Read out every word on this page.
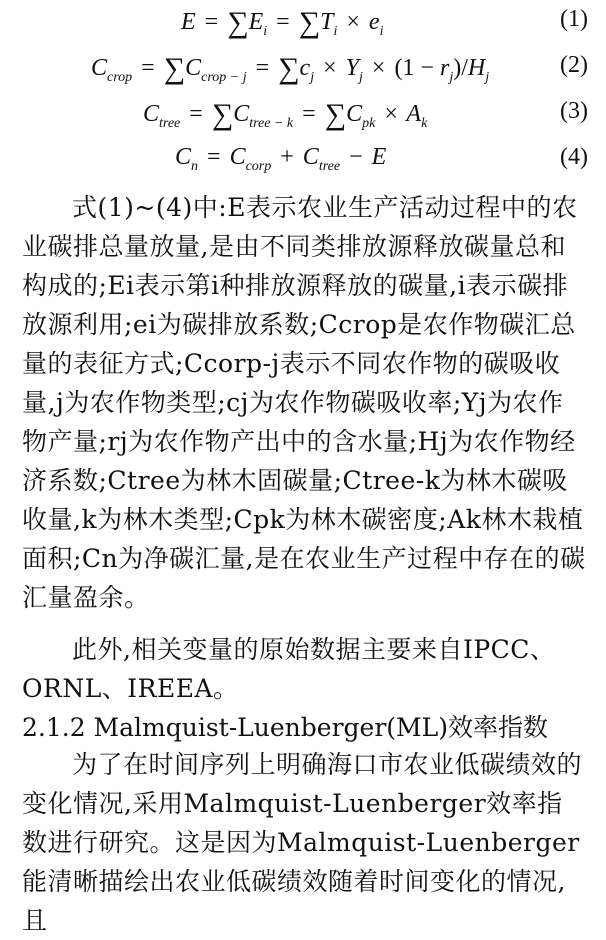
$E = \sum E_i = \sum T_i \times e_i$	(1)
$C_{crop} = \sum C_{crop - j} = \sum c_j \times Y_j \times (1 - r_j)/H_j$	(2)
$C_{tree} = \sum C_{tree - k} = \sum C_{pk} \times A_k$	(3)
$C_n = C_{corp} + C_{tree} - E$	(4)

式(1)~(4)中:E表示农业生产活动过程中的农业碳排总量放量,是由不同类排放源释放碳量总和构成的;Ei表示第i种排放源释放的碳量,i表示碳排放源利用;ei为碳排放系数;Ccrop是农作物碳汇总量的表征方式;Ccorp-j表示不同农作物的碳吸收量,j为农作物类型;cj为农作物碳吸收率;Yj为农作物产量;rj为农作物产出中的含水量;Hj为农作物经济系数;Ctree为林木固碳量;Ctree-k为林木碳吸收量,k为林木类型;Cpk为林木碳密度;Ak林木栽植面积;Cn为净碳汇量,是在农业生产过程中存在的碳汇量盈余。

此外,相关变量的原始数据主要来自IPCC、ORNL、IREEA。

2.1.2 Malmquist-Luenberger(ML)效率指数

为了在时间序列上明确海口市农业低碳绩效的变化情况,采用Malmquist-Luenberger效率指数进行研究。这是因为Malmquist-Luenberger能清晰描绘出农业低碳绩效随着时间变化的情况,且
